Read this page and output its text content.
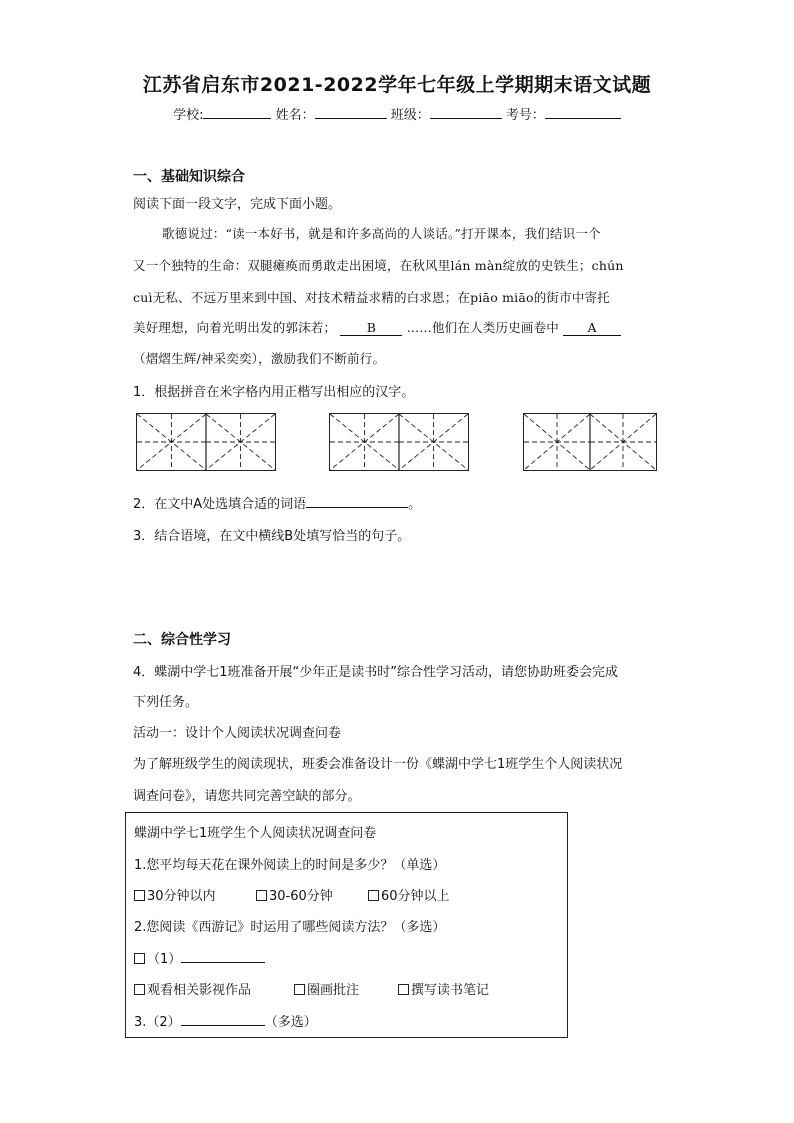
江苏省启东市2021-2022学年七年级上学期期末语文试题
学校:	姓名：	班级：	考号：
一、基础知识综合
阅读下面一段文字，完成下面小题。
歌德说过：“读一本好书，就是和许多高尚的人谈话。”打开课本，我们结识一个
又一个独特的生命：双腿瘫痪而勇敢走出困境，在秋风里lán màn绽放的史铁生；chún
cuì无私、不远万里来到中国、对技术精益求精的白求恩；在piāo miāo的街市中寄托
美好理想，向着光明出发的郭沫若； B ……他们在人类历史画卷中 A
（熠熠生辉/神采奕奕），激励我们不断前行。
1．根据拼音在米字格内用正楷写出相应的汉字。
2．在文中A处选填合适的词语	。
3．结合语境，在文中横线B处填写恰当的句子。
二、综合性学习
4．蝶湖中学七1班准备开展“少年正是读书时”综合性学习活动，请您协助班委会完成
下列任务。
活动一：设计个人阅读状况调查问卷
为了解班级学生的阅读现状，班委会准备设计一份《蝶湖中学七1班学生个人阅读状况
调查问卷》，请您共同完善空缺的部分。
蝶湖中学七1班学生个人阅读状况调查问卷
1.您平均每天花在课外阅读上的时间是多少？（单选）
30分钟以内	30-60分钟	60分钟以上
2.您阅读《西游记》时运用了哪些阅读方法？（多选）
（1）
观看相关影视作品	圈画批注	撰写读书笔记
3.（2）	（多选）
